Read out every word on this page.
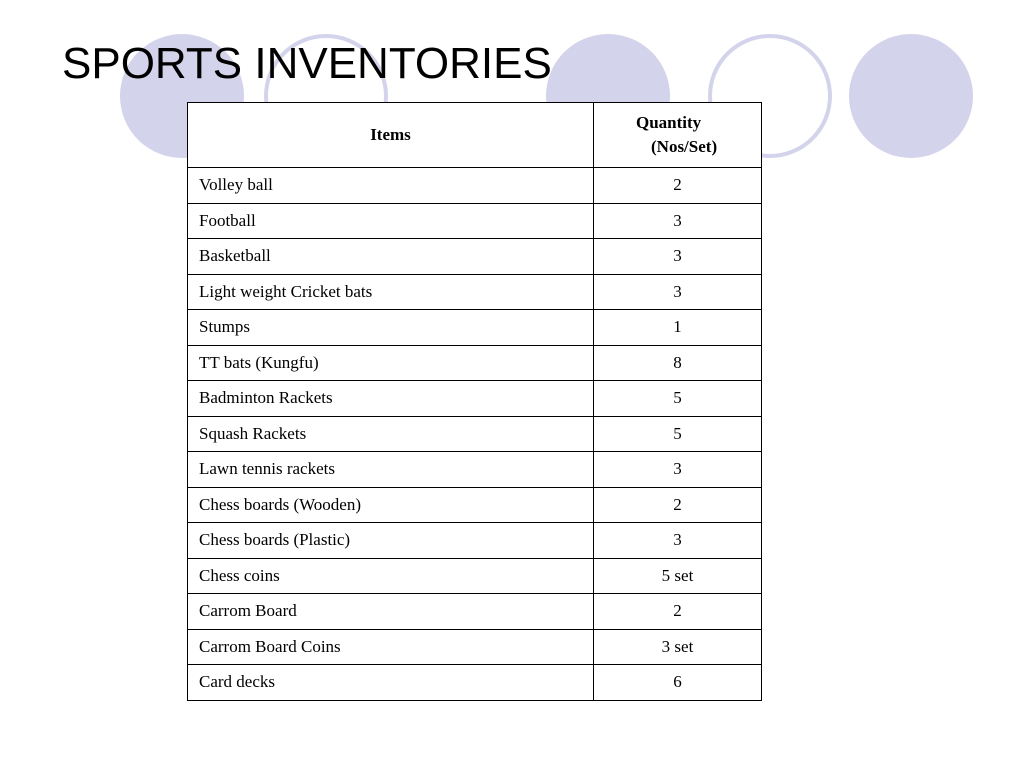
SPORTS INVENTORIES
Items	Quantity
(Nos/Set)
Volley ball	2
Football	3
Basketball	3
Light weight Cricket bats	3
Stumps	1
TT bats (Kungfu)	8
Badminton Rackets	5
Squash Rackets	5
Lawn tennis rackets	3
Chess boards (Wooden)	2
Chess boards (Plastic)	3
Chess coins	5 set
Carrom Board	2
Carrom Board Coins	3 set
Card decks	6
